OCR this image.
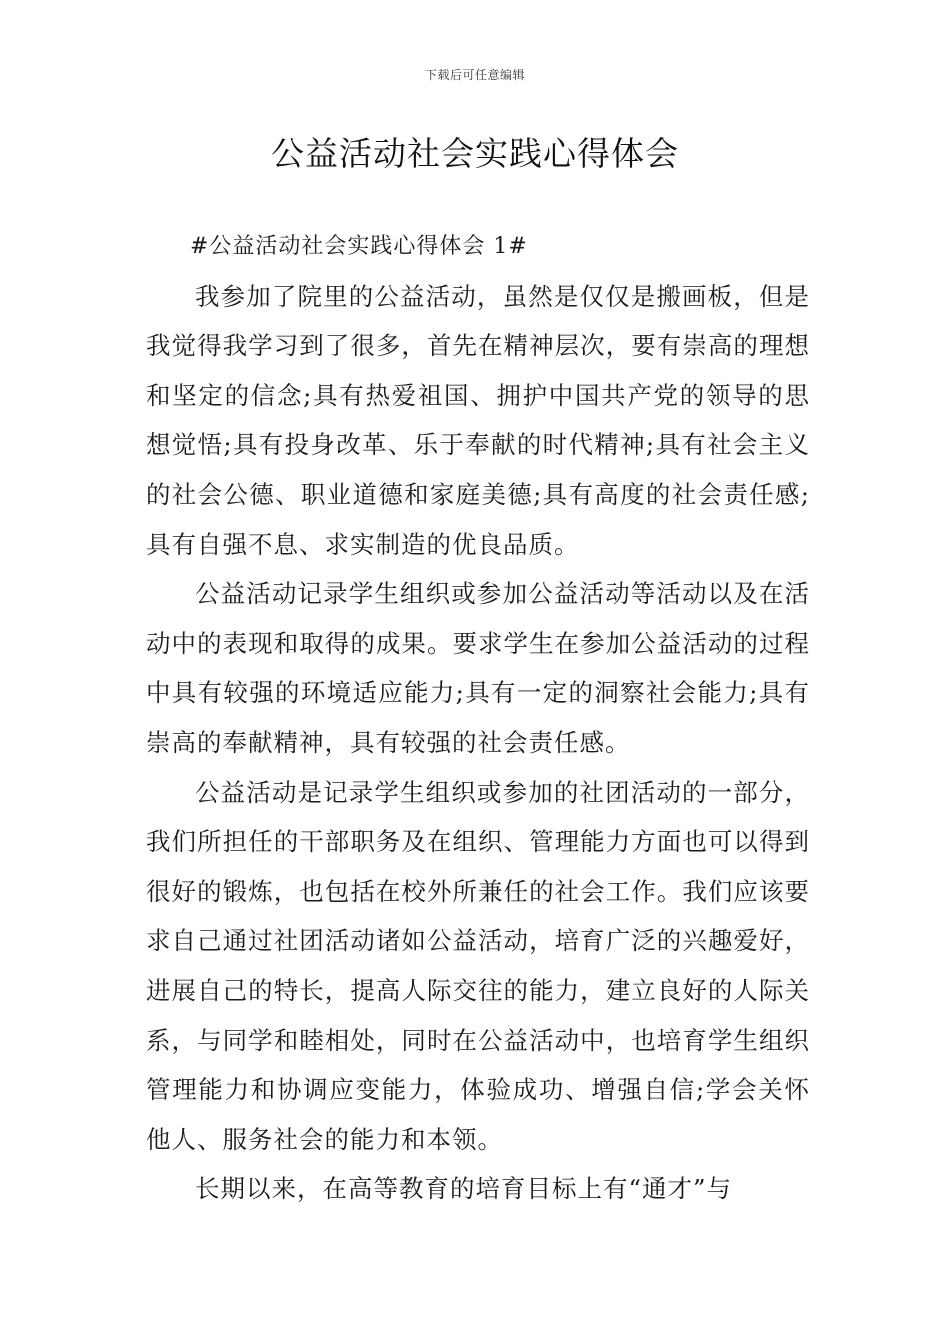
下载后可任意编辑
公益活动社会实践心得体会

#公益活动社会实践心得体会 1#

我参加了院里的公益活动，虽然是仅仅是搬画板，但是我觉得我学习到了很多，首先在精神层次，要有崇高的理想和坚定的信念;具有热爱祖国、拥护中国共产党的领导的思想觉悟;具有投身改革、乐于奉献的时代精神;具有社会主义的社会公德、职业道德和家庭美德;具有高度的社会责任感;具有自强不息、求实制造的优良品质。

公益活动记录学生组织或参加公益活动等活动以及在活动中的表现和取得的成果。要求学生在参加公益活动的过程中具有较强的环境适应能力;具有一定的洞察社会能力;具有崇高的奉献精神，具有较强的社会责任感。

公益活动是记录学生组织或参加的社团活动的一部分，我们所担任的干部职务及在组织、管理能力方面也可以得到很好的锻炼，也包括在校外所兼任的社会工作。我们应该要求自己通过社团活动诸如公益活动，培育广泛的兴趣爱好，进展自己的特长，提高人际交往的能力，建立良好的人际关系，与同学和睦相处，同时在公益活动中，也培育学生组织管理能力和协调应变能力，体验成功、增强自信;学会关怀他人、服务社会的能力和本领。

长期以来，在高等教育的培育目标上有“通才”与
